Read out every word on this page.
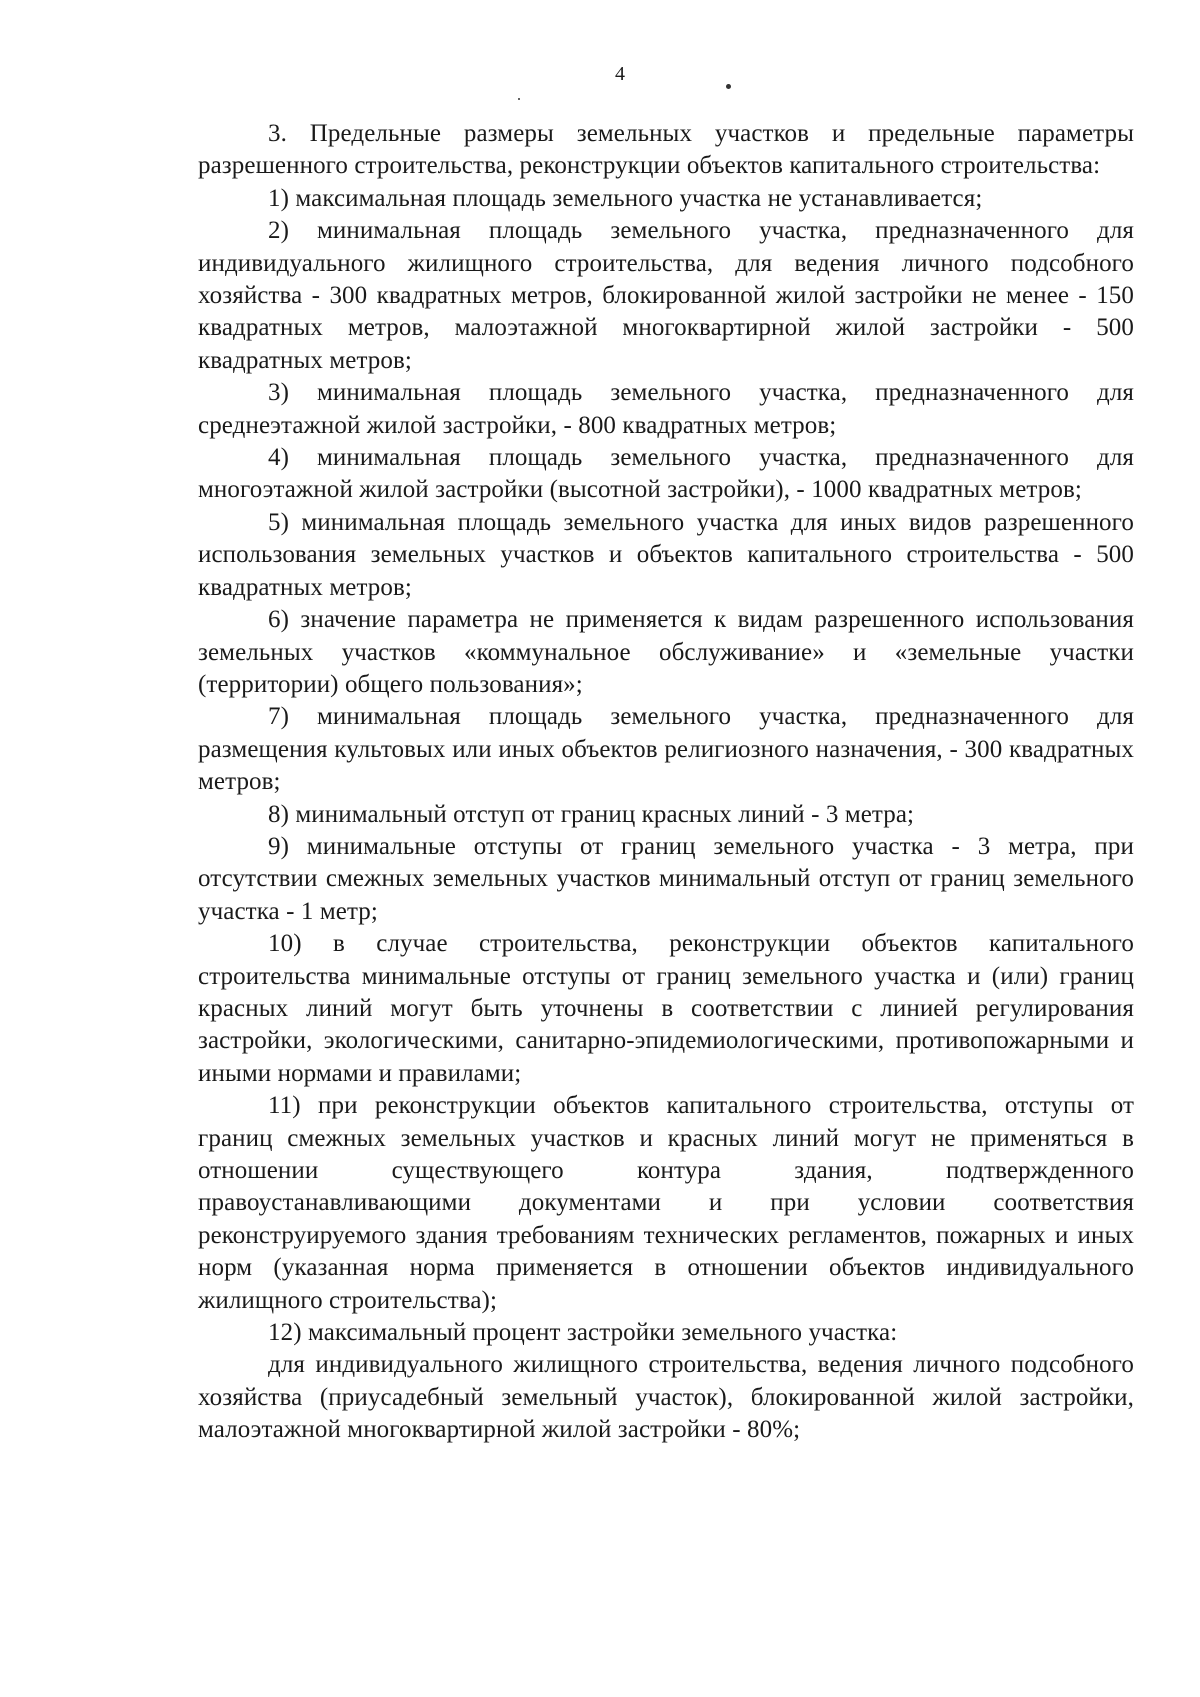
4

3. Предельные размеры земельных участков и предельные параметры разрешенного строительства, реконструкции объектов капитального строительства:

1) максимальная площадь земельного участка не устанавливается;

2) минимальная площадь земельного участка, предназначенного для индивидуального жилищного строительства, для ведения личного подсобного хозяйства - 300 квадратных метров, блокированной жилой застройки не менее - 150 квадратных метров, малоэтажной многоквартирной жилой застройки - 500 квадратных метров;

3) минимальная площадь земельного участка, предназначенного для среднеэтажной жилой застройки, - 800 квадратных метров;

4) минимальная площадь земельного участка, предназначенного для многоэтажной жилой застройки (высотной застройки), - 1000 квадратных метров;

5) минимальная площадь земельного участка для иных видов разрешенного использования земельных участков и объектов капитального строительства - 500 квадратных метров;

6) значение параметра не применяется к видам разрешенного использования земельных участков «коммунальное обслуживание» и «земельные участки (территории) общего пользования»;

7) минимальная площадь земельного участка, предназначенного для размещения культовых или иных объектов религиозного назначения, - 300 квадратных метров;

8) минимальный отступ от границ красных линий - 3 метра;

9) минимальные отступы от границ земельного участка - 3 метра, при отсутствии смежных земельных участков минимальный отступ от границ земельного участка - 1 метр;

10) в случае строительства, реконструкции объектов капитального строительства минимальные отступы от границ земельного участка и (или) границ красных линий могут быть уточнены в соответствии с линией регулирования застройки, экологическими, санитарно-эпидемиологическими, противопожарными и иными нормами и правилами;

11) при реконструкции объектов капитального строительства, отступы от границ смежных земельных участков и красных линий могут не применяться в отношении существующего контура здания, подтвержденного правоустанавливающими документами и при условии соответствия реконструируемого здания требованиям технических регламентов, пожарных и иных норм (указанная норма применяется в отношении объектов индивидуального жилищного строительства);

12) максимальный процент застройки земельного участка:

для индивидуального жилищного строительства, ведения личного подсобного хозяйства (приусадебный земельный участок), блокированной жилой застройки, малоэтажной многоквартирной жилой застройки - 80%;
